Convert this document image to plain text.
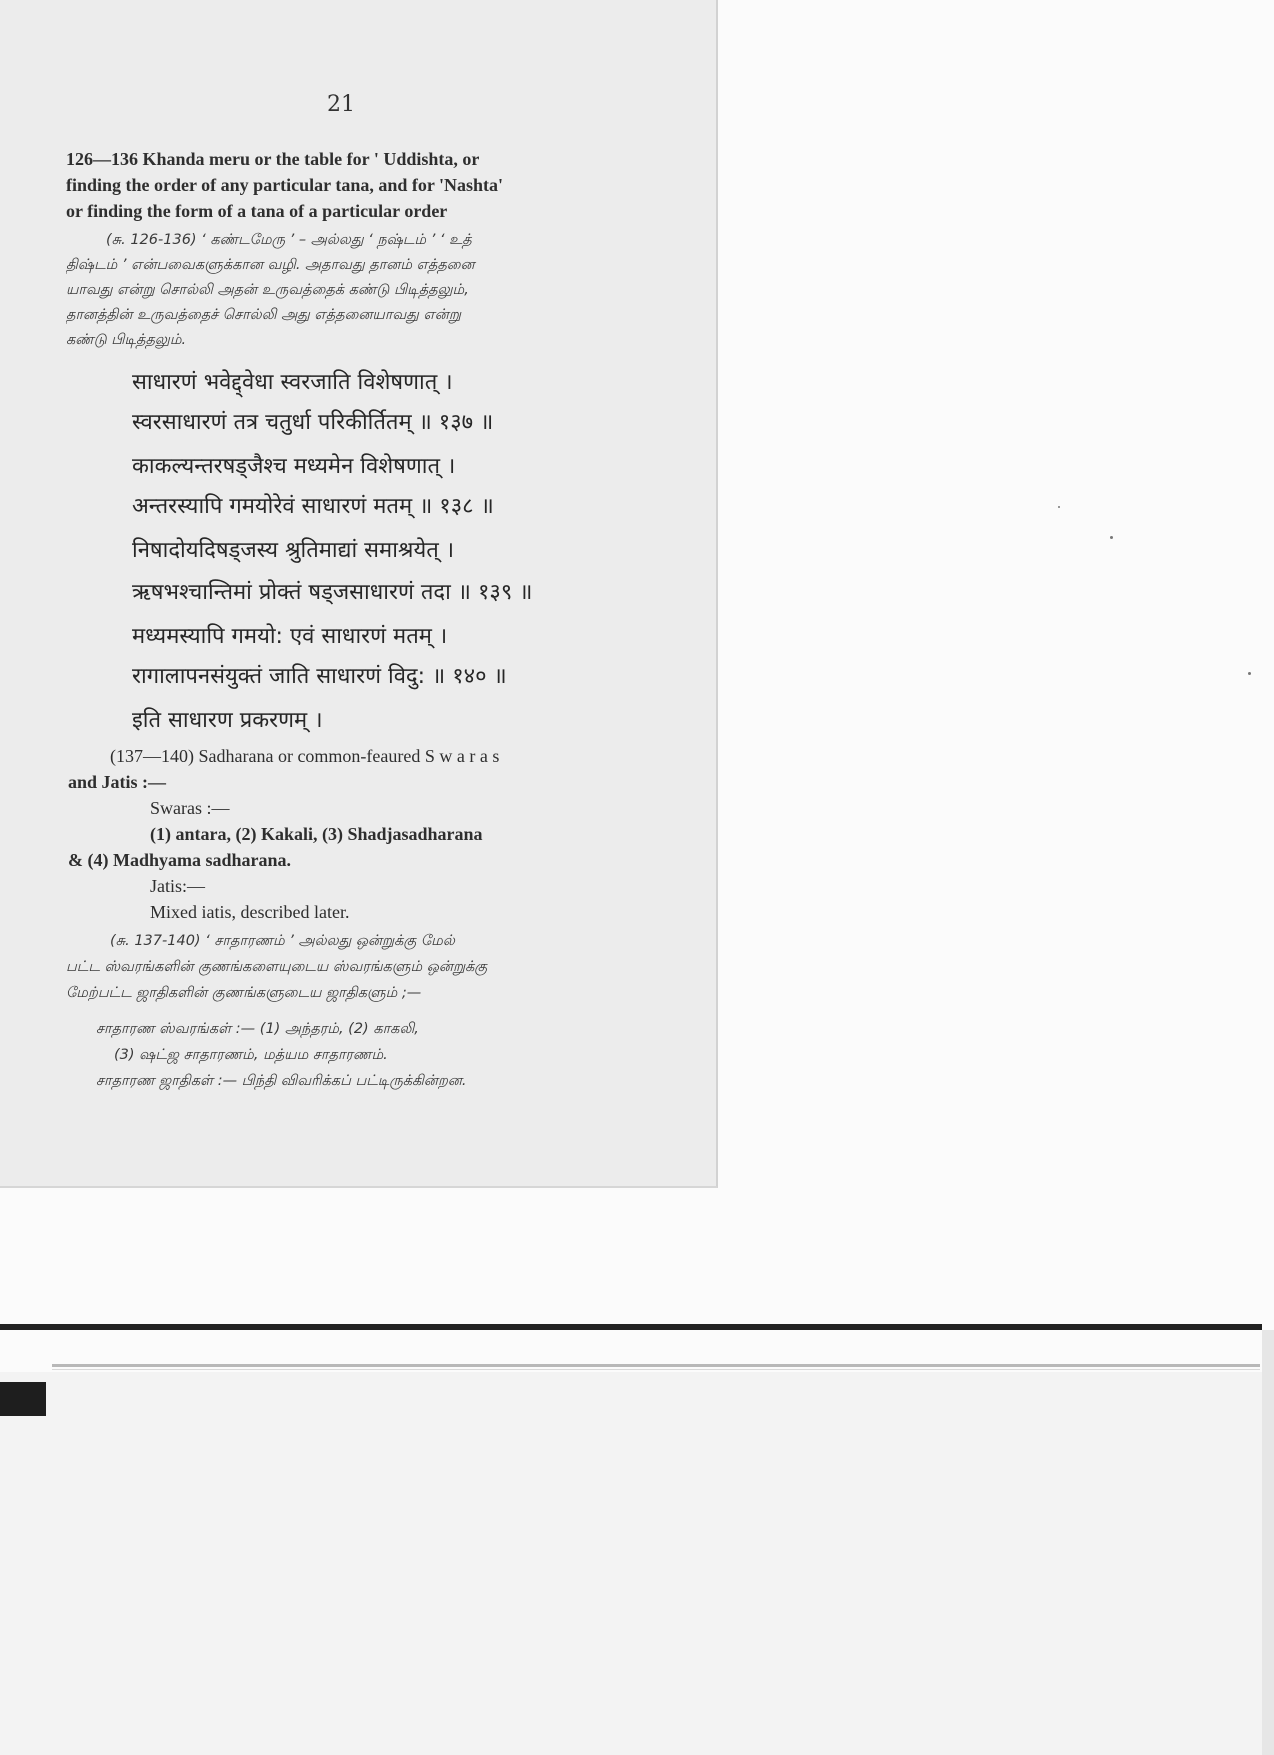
21
126—136 Khanda meru or the table for ' Uddishta, or
finding the order of any particular tana, and for 'Nashta'
or finding the form of a tana of a particular order
(சு. 126-136) ‘ கண்டமேரு ’ – அல்லது ‘ நஷ்டம் ’ ‘ உத்
திஷ்டம் ’ என்பவைகளுக்கான வழி. அதாவது தானம் எத்தனை
யாவது என்று சொல்லி அதன் உருவத்தைக் கண்டு பிடித்தலும்,
தானத்தின் உருவத்தைச் சொல்லி அது எத்தனையாவது என்று
கண்டு பிடித்தலும்.
साधारणं भवेद्द्वेधा स्वरजाति विशेषणात् ।
स्वरसाधारणं तत्र चतुर्धा परिकीर्तितम् ॥ १३७ ॥
काकल्यन्तरषड्जैश्च मध्यमेन विशेषणात् ।
अन्तरस्यापि गमयोरेवं साधारणं मतम् ॥ १३८ ॥
निषादोयदिषड्जस्य श्रुतिमाद्यां समाश्रयेत् ।
ऋषभश्चान्तिमां प्रोक्तं षड्जसाधारणं तदा ॥ १३९ ॥
मध्यमस्यापि गमयो: एवं साधारणं मतम् ।
रागालापनसंयुक्तं जाति साधारणं विदु: ॥ १४० ॥
इति साधारण प्रकरणम् ।
(137—140) Sadharana or common-feaured S w a r a s
and Jatis :—
Swaras :—
(1) antara, (2) Kakali, (3) Shadjasadharana
& (4) Madhyama sadharana.
Jatis:—
Mixed iatis, described later.
(சு. 137-140) ‘ சாதாரணம் ’ அல்லது ஒன்றுக்கு மேல்
பட்ட ஸ்வரங்களின் குணங்களையுடைய ஸ்வரங்களும் ஒன்றுக்கு
மேற்பட்ட ஜாதிகளின் குணங்களுடைய ஜாதிகளும் ;—
சாதாரண ஸ்வரங்கள் :— (1) அந்தரம், (2) காகலி,
(3) ஷட்ஜ சாதாரணம், மத்யம சாதாரணம்.
சாதாரண ஜாதிகள் :— பிந்தி விவரிக்கப் பட்டிருக்கின்றன.
